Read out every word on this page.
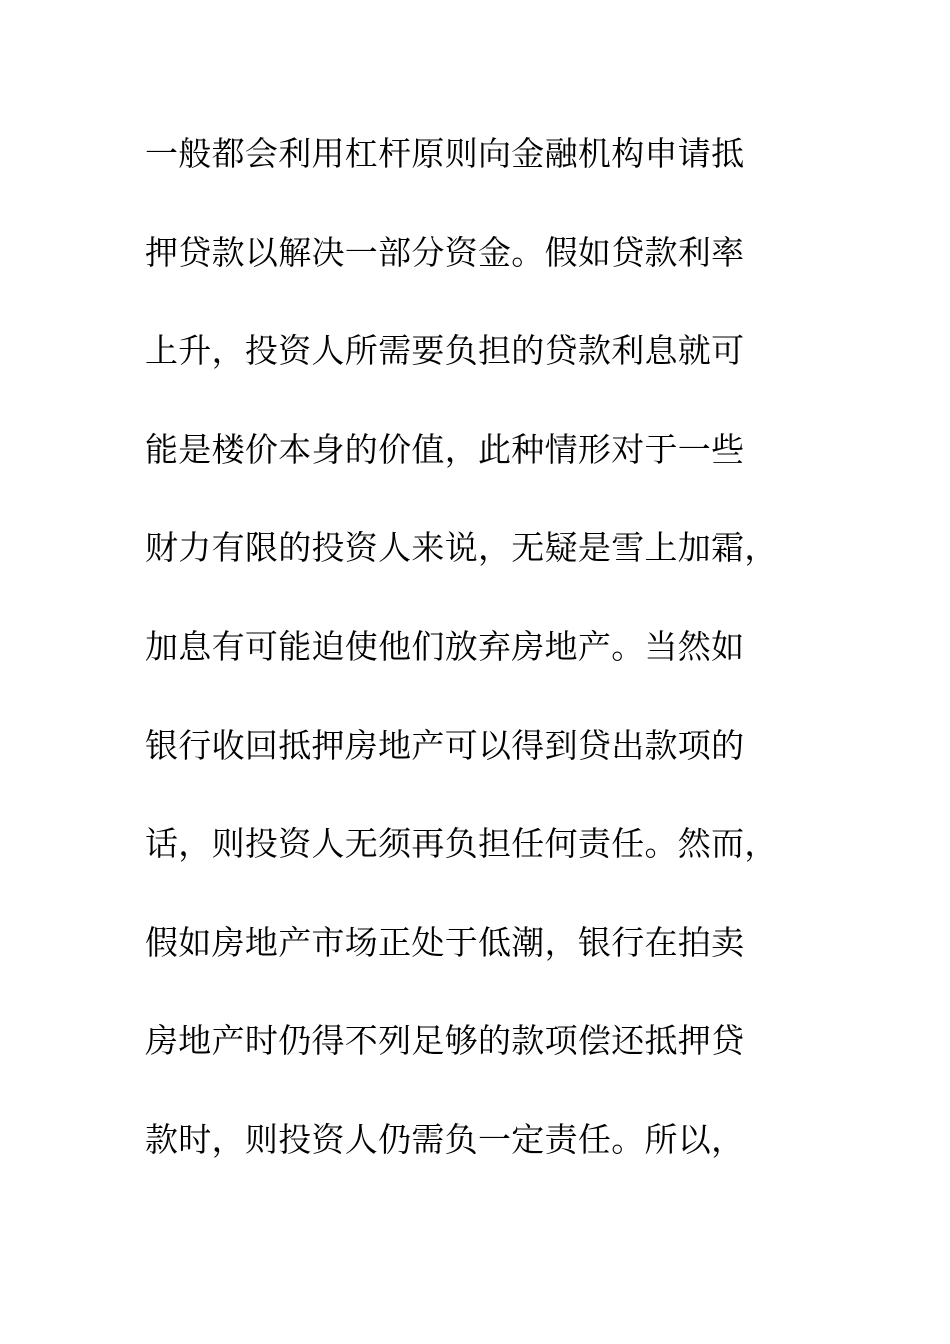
一般都会利用杠杆原则向金融机构申请抵
押贷款以解决一部分资金。假如贷款利率
上升，投资人所需要负担的贷款利息就可
能是楼价本身的价值，此种情形对于一些
财力有限的投资人来说，无疑是雪上加霜，
加息有可能迫使他们放弃房地产。当然如
银行收回抵押房地产可以得到贷出款项的
话，则投资人无须再负担任何责任。然而，
假如房地产市场正处于低潮，银行在拍卖
房地产时仍得不列足够的款项偿还抵押贷
款时，则投资人仍需负一定责任。所以，
